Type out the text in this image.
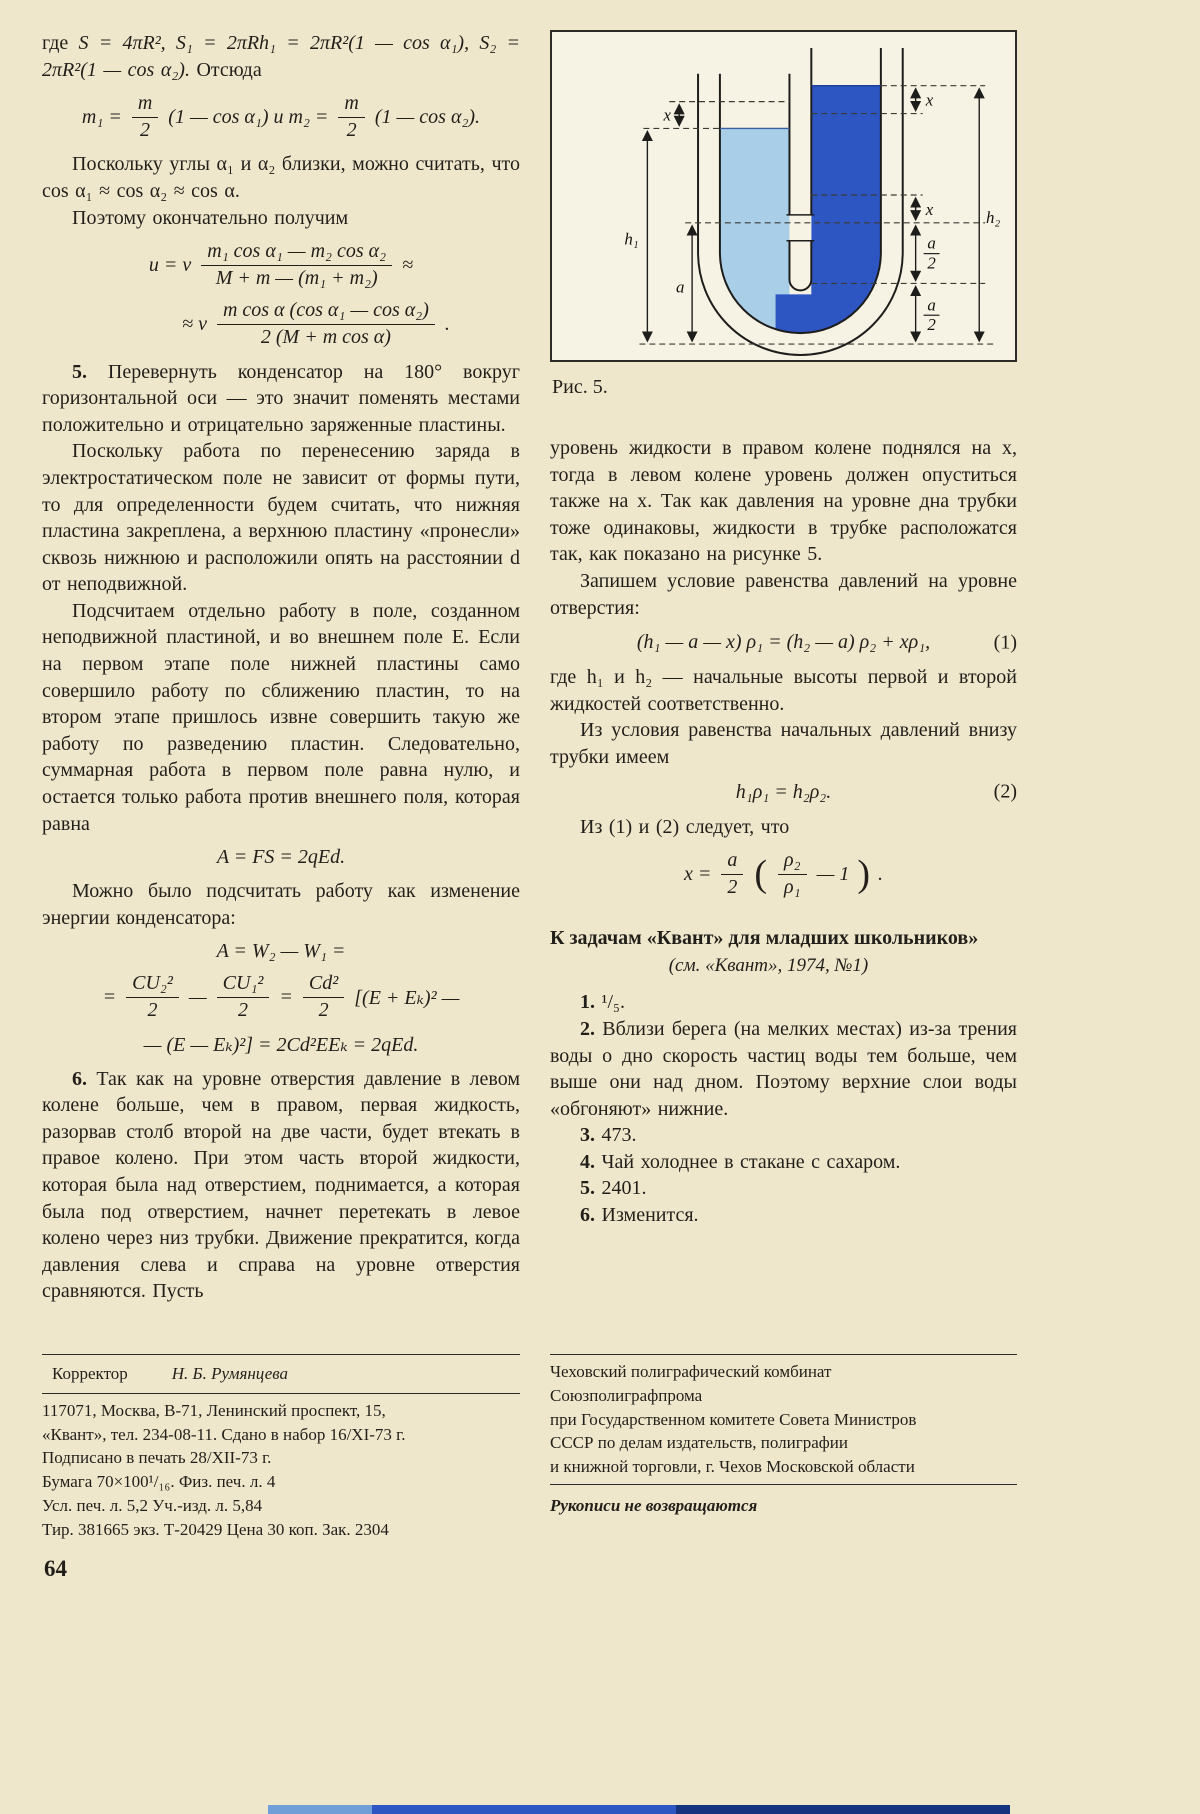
где S = 4πR², S₁ = 2πRh₁ = 2πR²(1 — cos α₁), S₂ = 2πR²(1 — cos α₂). Отсюда

$m_1 = \frac{m}{2} (1$ — cos α₁) и $m_2 = \frac{m}{2} (1$ — cos α₂).

Поскольку углы α₁ и α₂ близки, можно считать, что cos α₁ ≈ cos α₂ ≈ cos α.

Поэтому окончательно получим

u = v $\frac{\text{m₁ cos α₁ — m₂ cos α₂}}{\text{M + m — (m₁ + m₂)}}$ ≈
≈ v $\frac{\text{m cos α (cos α₁ — cos α₂)}}{\text{2 (M + m cos α)}}$ .

5. Перевернуть конденсатор на 180° вокруг горизонтальной оси — это значит поменять местами положительно и отрицательно заряженные пластины.

Поскольку работа по перенесению заряда в электростатическом поле не зависит от формы пути, то для определенности будем считать, что нижняя пластина закреплена, а верхнюю пластину «пронесли» сквозь нижнюю и расположили опять на расстоянии d от неподвижной.

Подсчитаем отдельно работу в поле, созданном неподвижной пластиной, и во внешнем поле E. Если на первом этапе поле нижней пластины само совершило работу по сближению пластин, то на втором этапе пришлось извне совершить такую же работу по разведению пластин. Следовательно, суммарная работа в первом поле равна нулю, и остается только работа против внешнего поля, которая равна

A = FS = 2qEd.

Можно было подсчитать работу как изменение энергии конденсатора:

A = W₂ — W₁ =
= $\frac{\text{CU₂²}}{2}$ — $\frac{\text{CU₁²}}{2} = \frac{\text{Cd²}}{2} [(E + E_k)^2$ —
— (E — Eₖ)²] = 2Cd²EEₖ = 2qEd.

6. Так как на уровне отверстия давление в левом колене больше, чем в правом, первая жидкость, разорвав столб второй на две части, будет втекать в правое колено. При этом часть второй жидкости, которая была над отверстием, поднимается, а которая была под отверстием, начнет перетекать в левое колено через низ трубки. Движение прекратится, когда давления слева и справа на уровне отверстия сравняются. Пусть

x
h₁
a
x
x	h₂
a
2
a
2

Рис. 5.

уровень жидкости в правом колене поднялся на x, тогда в левом колене уровень должен опуститься также на x. Так как давления на уровне дна трубки тоже одинаковы, жидкости в трубке расположатся так, как показано на рисунке 5.

Запишем условие равенства давлений на уровне отверстия:

(h₁ — a — x) ρ₁ = (h₂ — a) ρ₂ + xρ₁,	(1)

где h₁ и h₂ — начальные высоты первой и второй жидкостей соответственно.

Из условия равенства начальных давлений внизу трубки имеем

h₁ρ₁ = h₂ρ₂.	(2)

Из (1) и (2) следует, что

$x = \frac{a}{2}$ ( $\frac{\text{ρ₂}}{\text{ρ₁}}$ — 1 ) .
К задачам «Квант» для младших школьников»

(см. «Квант», 1974, №1)

1. ¹/₅.

2. Вблизи берега (на мелких местах) из-за трения воды о дно скорость частиц воды тем больше, чем выше они над дном. Поэтому верхние слои воды «обгоняют» нижние.

3. 473.

4. Чай холоднее в стакане с сахаром.

5. 2401.

6. Изменится.

Корректор	Н. Б. Румянцева
117071, Москва, В-71, Ленинский проспект, 15,
«Квант», тел. 234-08-11. Сдано в набор 16/XI-73 г.
Подписано в печать 28/XII-73 г.
Бумага 70×100¹/₁₆. Физ. печ. л. 4
Усл. печ. л. 5,2 Уч.-изд. л. 5,84
Тир. 381665 экз. Т-20429 Цена 30 коп. Зак. 2304
Чеховский полиграфический комбинат
Союзполиграфпрома
при Государственном комитете Совета Министров
СССР по делам издательств, полиграфии
и книжной торговли, г. Чехов Московской области
Рукописи не возвращаются
64
